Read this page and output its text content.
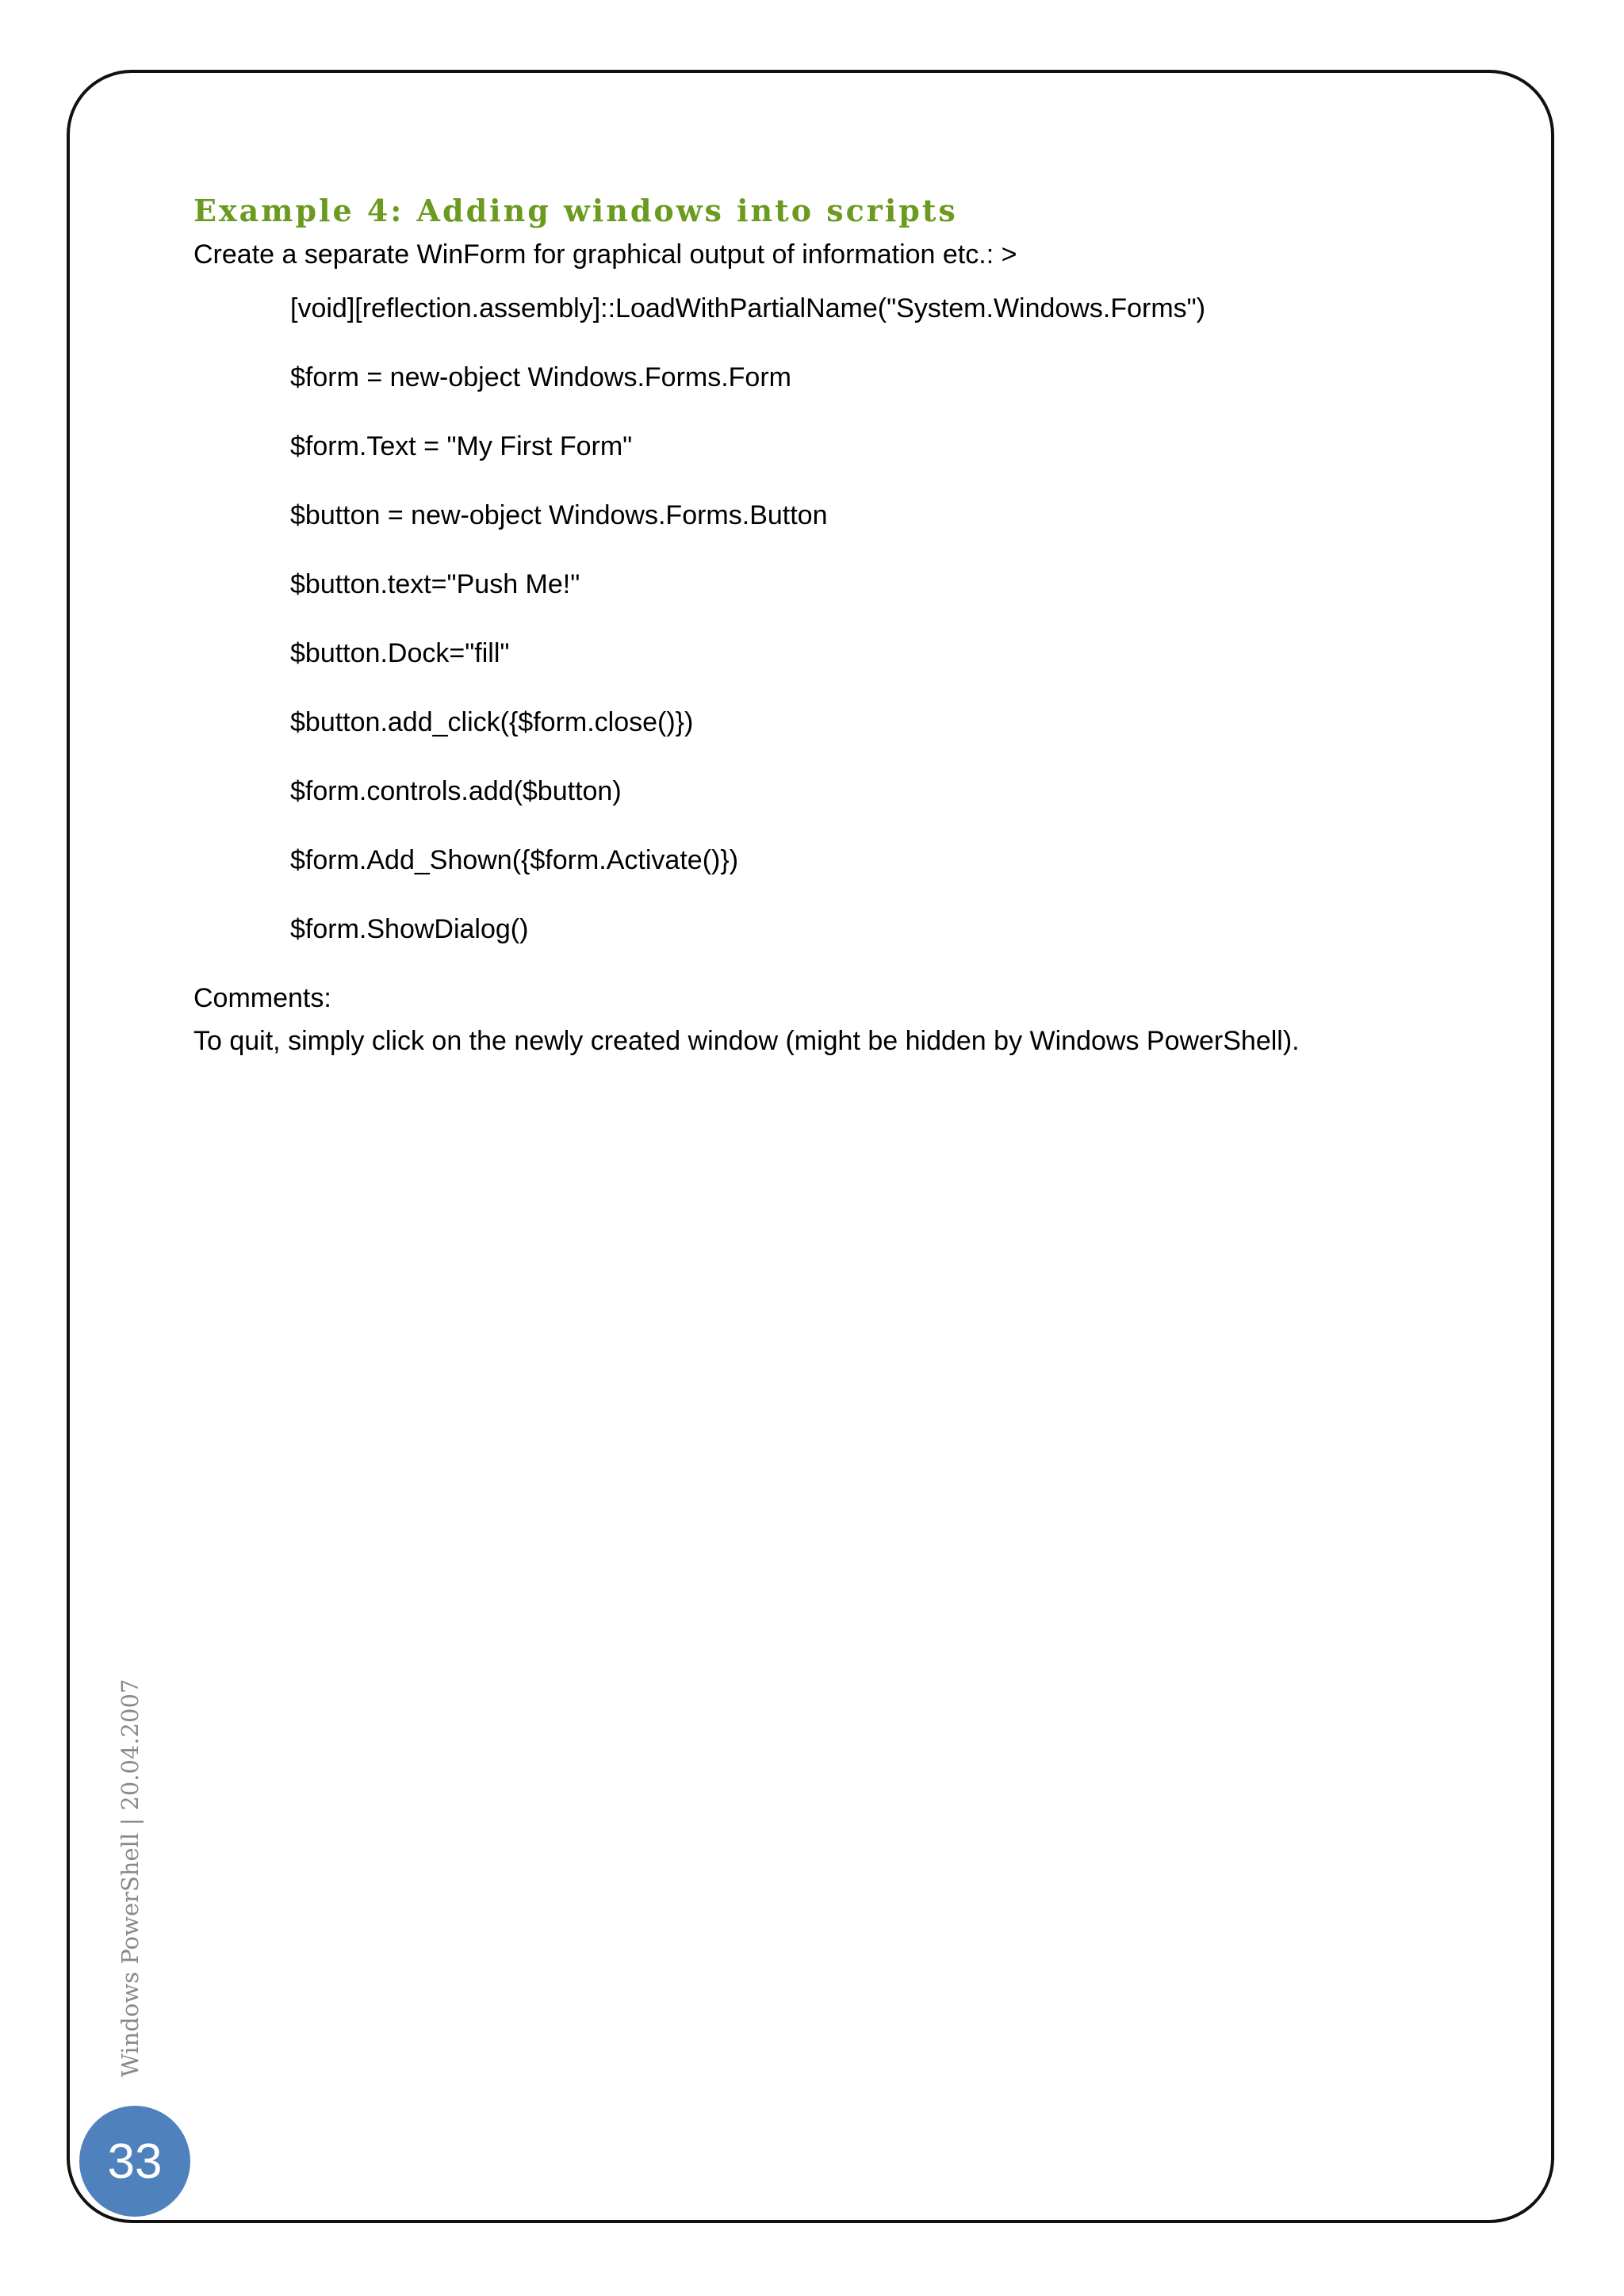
Example 4: Adding windows into scripts

Create a separate WinForm for graphical output of information etc.: >

[void][reflection.assembly]::LoadWithPartialName("System.Windows.Forms")
$form = new-object Windows.Forms.Form
$form.Text = "My First Form"
$button = new-object Windows.Forms.Button
$button.text="Push Me!"
$button.Dock="fill"
$button.add_click({$form.close()})
$form.controls.add($button)
$form.Add_Shown({$form.Activate()})
$form.ShowDialog()

Comments:

To quit, simply click on the newly created window (might be hidden by Windows PowerShell).

Windows PowerShell | 20.04.2007
33
